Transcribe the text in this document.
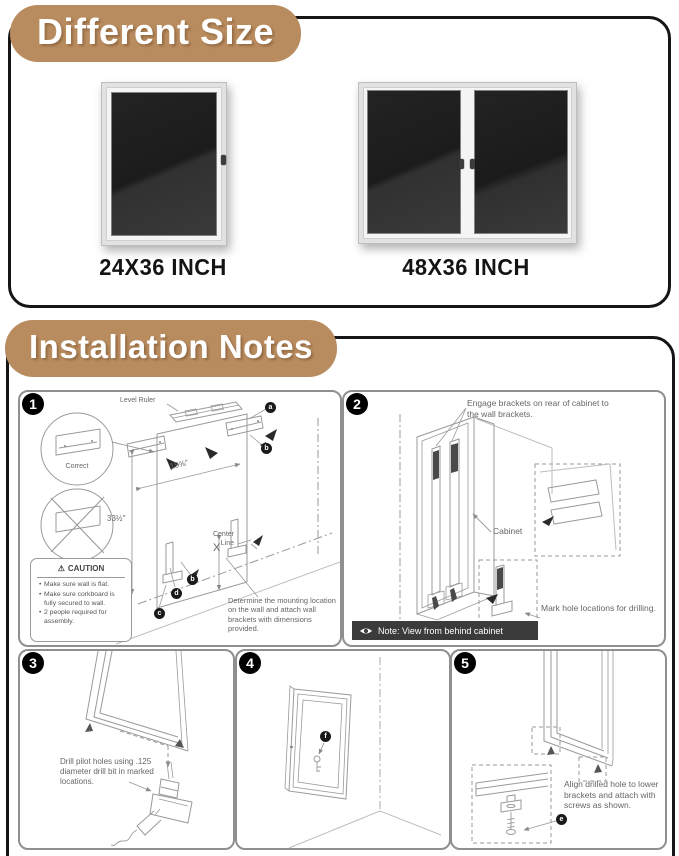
Different Size
24X36 INCH	48X36 INCH
Installation Notes
1	Level Ruler
Correct	15⅝"
33½"
Center Line
X
Determine the mounting location on the wall and attach wall brackets with dimensions provided.
a
b
b
d
c
⚠ CAUTION
• Make sure wall is flat.
• Make sure corkboard is fully secured to wall.
• 2 people required for assembly.
2	Engage brackets on rear of cabinet to the wall brackets.
Cabinet
Mark hole locations for drilling.
Note: View from behind cabinet
3
Drill pilot holes using .125 diameter drill bit in marked locations.
4
f
5
e
Align drilled hole to lower brackets and attach with screws as shown.
